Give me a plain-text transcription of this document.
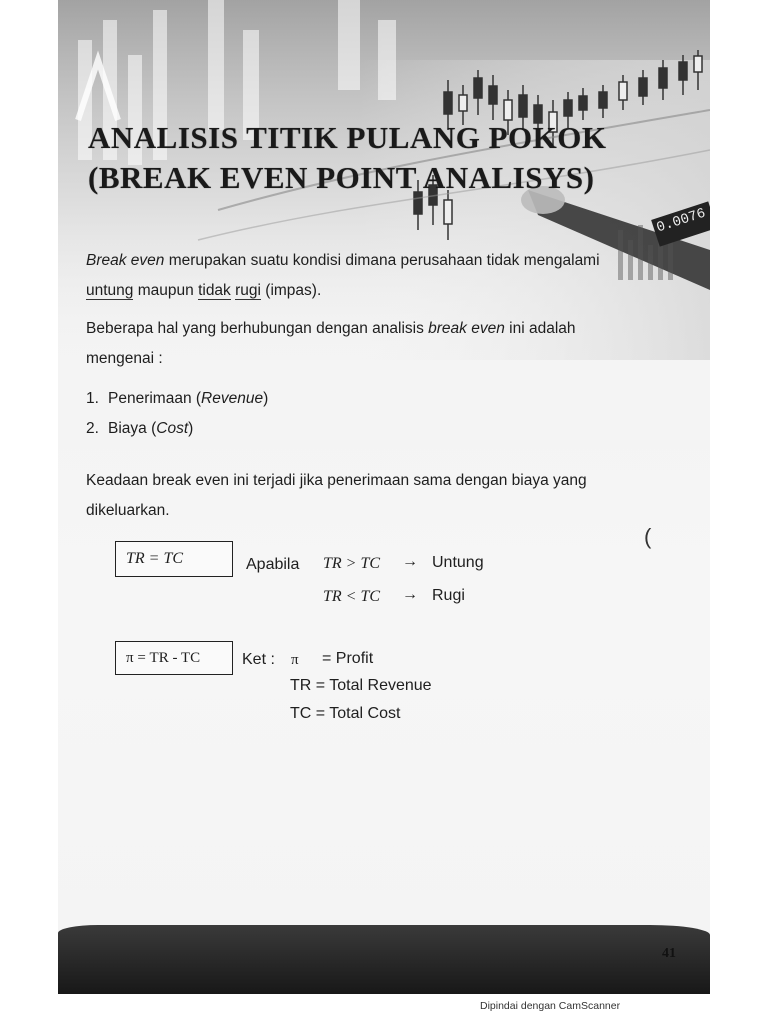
0.0076
ANALISIS TITIK PULANG POKOK
(BREAK EVEN POINT ANALISYS)
Break even merupakan suatu kondisi dimana perusahaan tidak mengalami
untung maupun tidak rugi (impas).
Beberapa hal yang berhubungan dengan analisis break even ini adalah
mengenai :
1. Penerimaan (Revenue)
2. Biaya (Cost)
Keadaan break even ini terjadi jika penerimaan sama dengan biaya yang
dikeluarkan.
(
TR = TC	Apabila TR > TC → Untung
TR < TC → Rugi
π = TR - TC	Ket : π = Profit
TR = Total Revenue
TC = Total Cost
41
Dipindai dengan CamScanner
